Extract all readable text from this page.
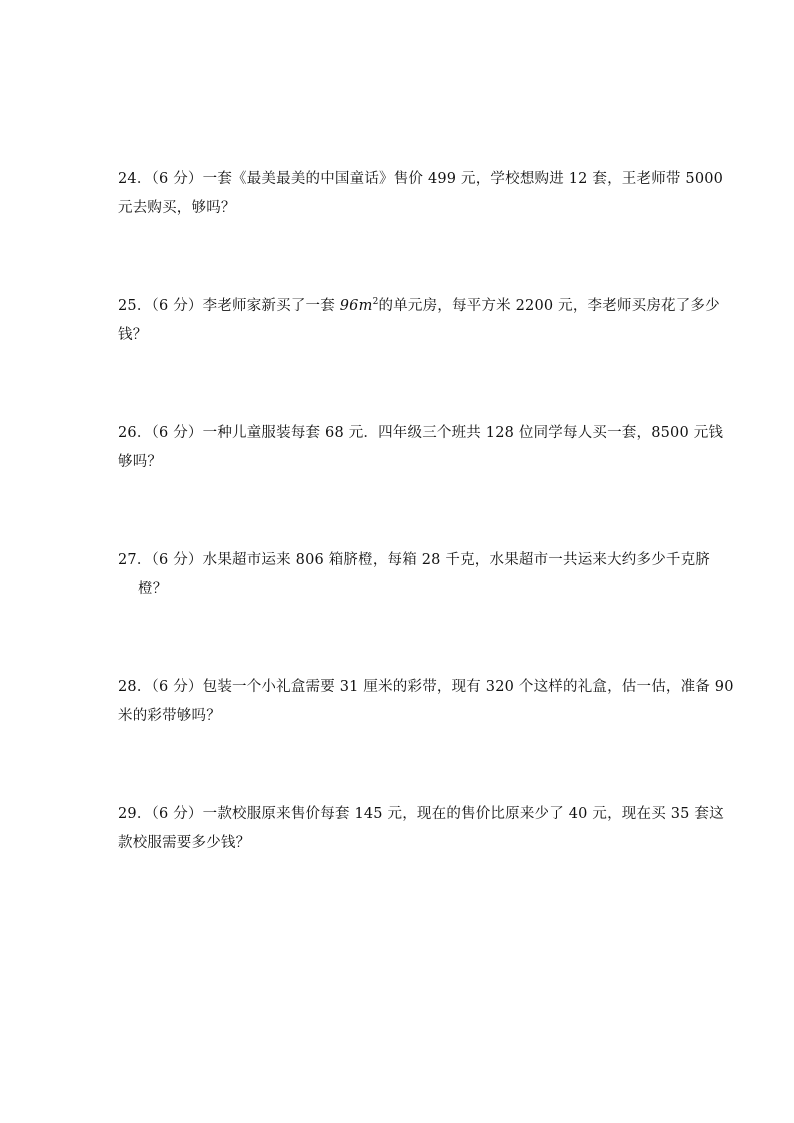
24．（6 分）一套《最美最美的中国童话》售价 499 元，学校想购进 12 套，王老师带 5000
元去购买，够吗？
25．（6 分）李老师家新买了一套 $96m^2$的单元房，每平方米 2200 元，李老师买房花了多少
钱？
26．（6 分）一种儿童服装每套 68 元．四年级三个班共 128 位同学每人买一套，8500 元钱
够吗？
27．（6 分）水果超市运来 806 箱脐橙，每箱 28 千克，水果超市一共运来大约多少千克脐
橙？
28．（6 分）包装一个小礼盒需要 31 厘米的彩带，现有 320 个这样的礼盒，估一估，准备 90
米的彩带够吗？
29．（6 分）一款校服原来售价每套 145 元，现在的售价比原来少了 40 元，现在买 35 套这
款校服需要多少钱？
